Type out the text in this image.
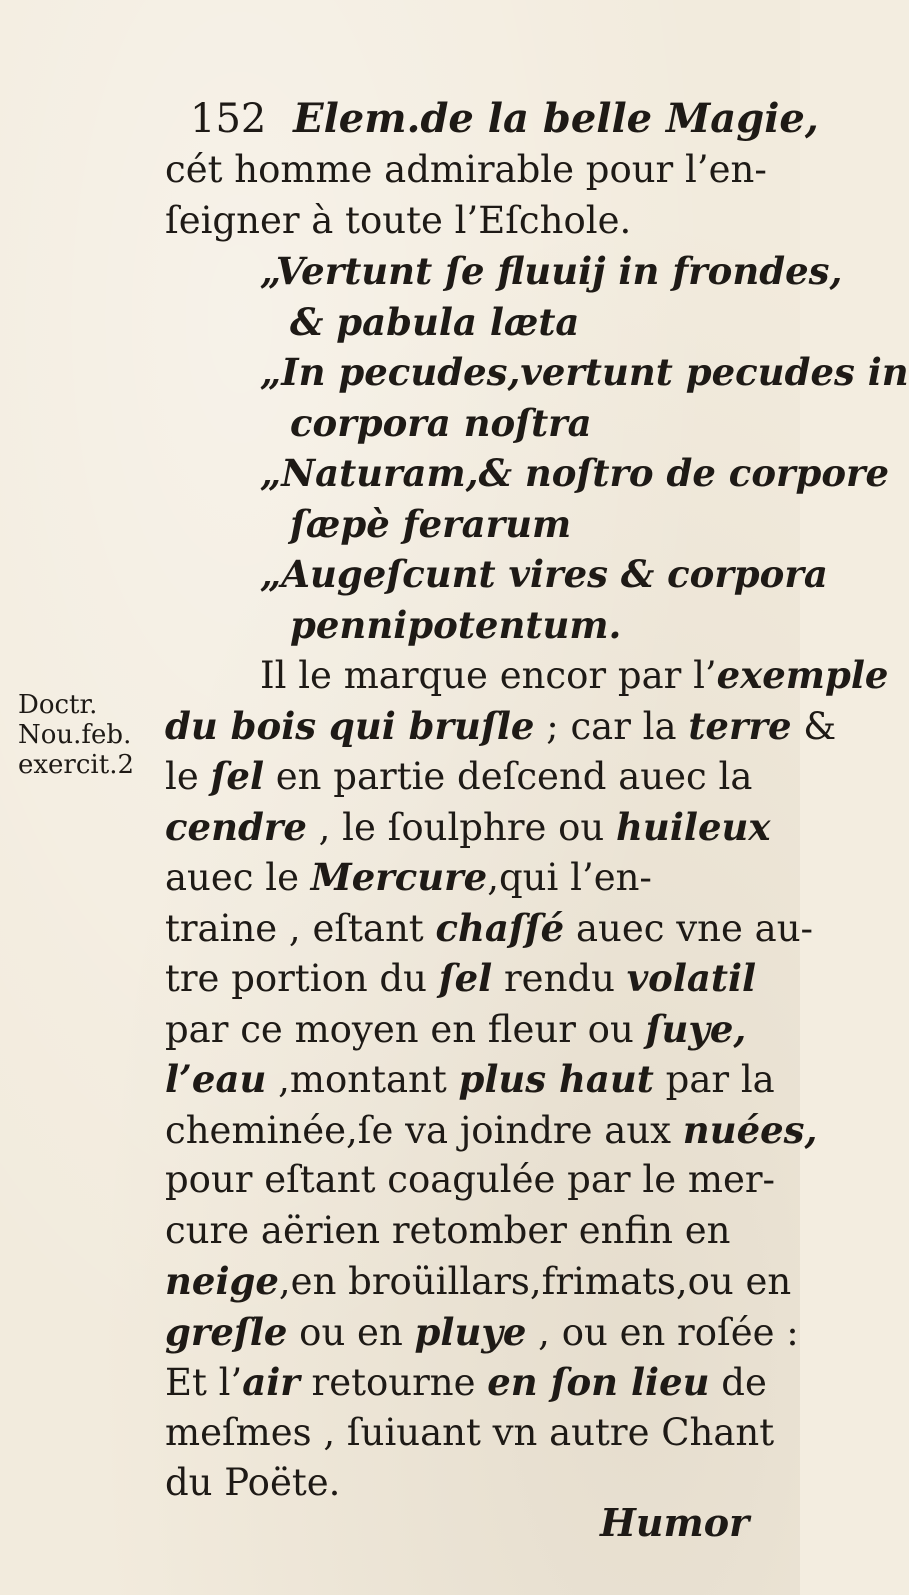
152 Elem.de la belle Magie,
cét homme admirable pour l’en-
ſeigner à toute l’Eſchole.
„Vertunt ſe fluuij in frondes,
& pabula læta
„In pecudes,vertunt pecudes in
corpora noſtra
„Naturam,& noſtro de corpore
ſæpè ferarum
„Augeſcunt vires & corpora
pennipotentum.
Il le marque encor par l’exemple
du bois qui bruſle ; car la terre &
le ſel en partie deſcend auec la
cendre , le ſoulphre ou huileux
auec le Mercure,qui l’en-
traine , eſtant chaſſé auec vne au-
tre portion du ſel rendu volatil
par ce moyen en fleur ou ſuye,
l’eau ,montant plus haut par la
cheminée,ſe va joindre aux nuées,
pour eſtant coagulée par le mer-
cure aërien retomber enfin en
neige,en broüillars,frimats,ou en
greſle ou en pluye , ou en roſée :
Et l’air retourne en ſon lieu de
meſmes , ſuiuant vn autre Chant
du Poëte.
Doctr.
Nou.feb.
exercit.2
Humor
